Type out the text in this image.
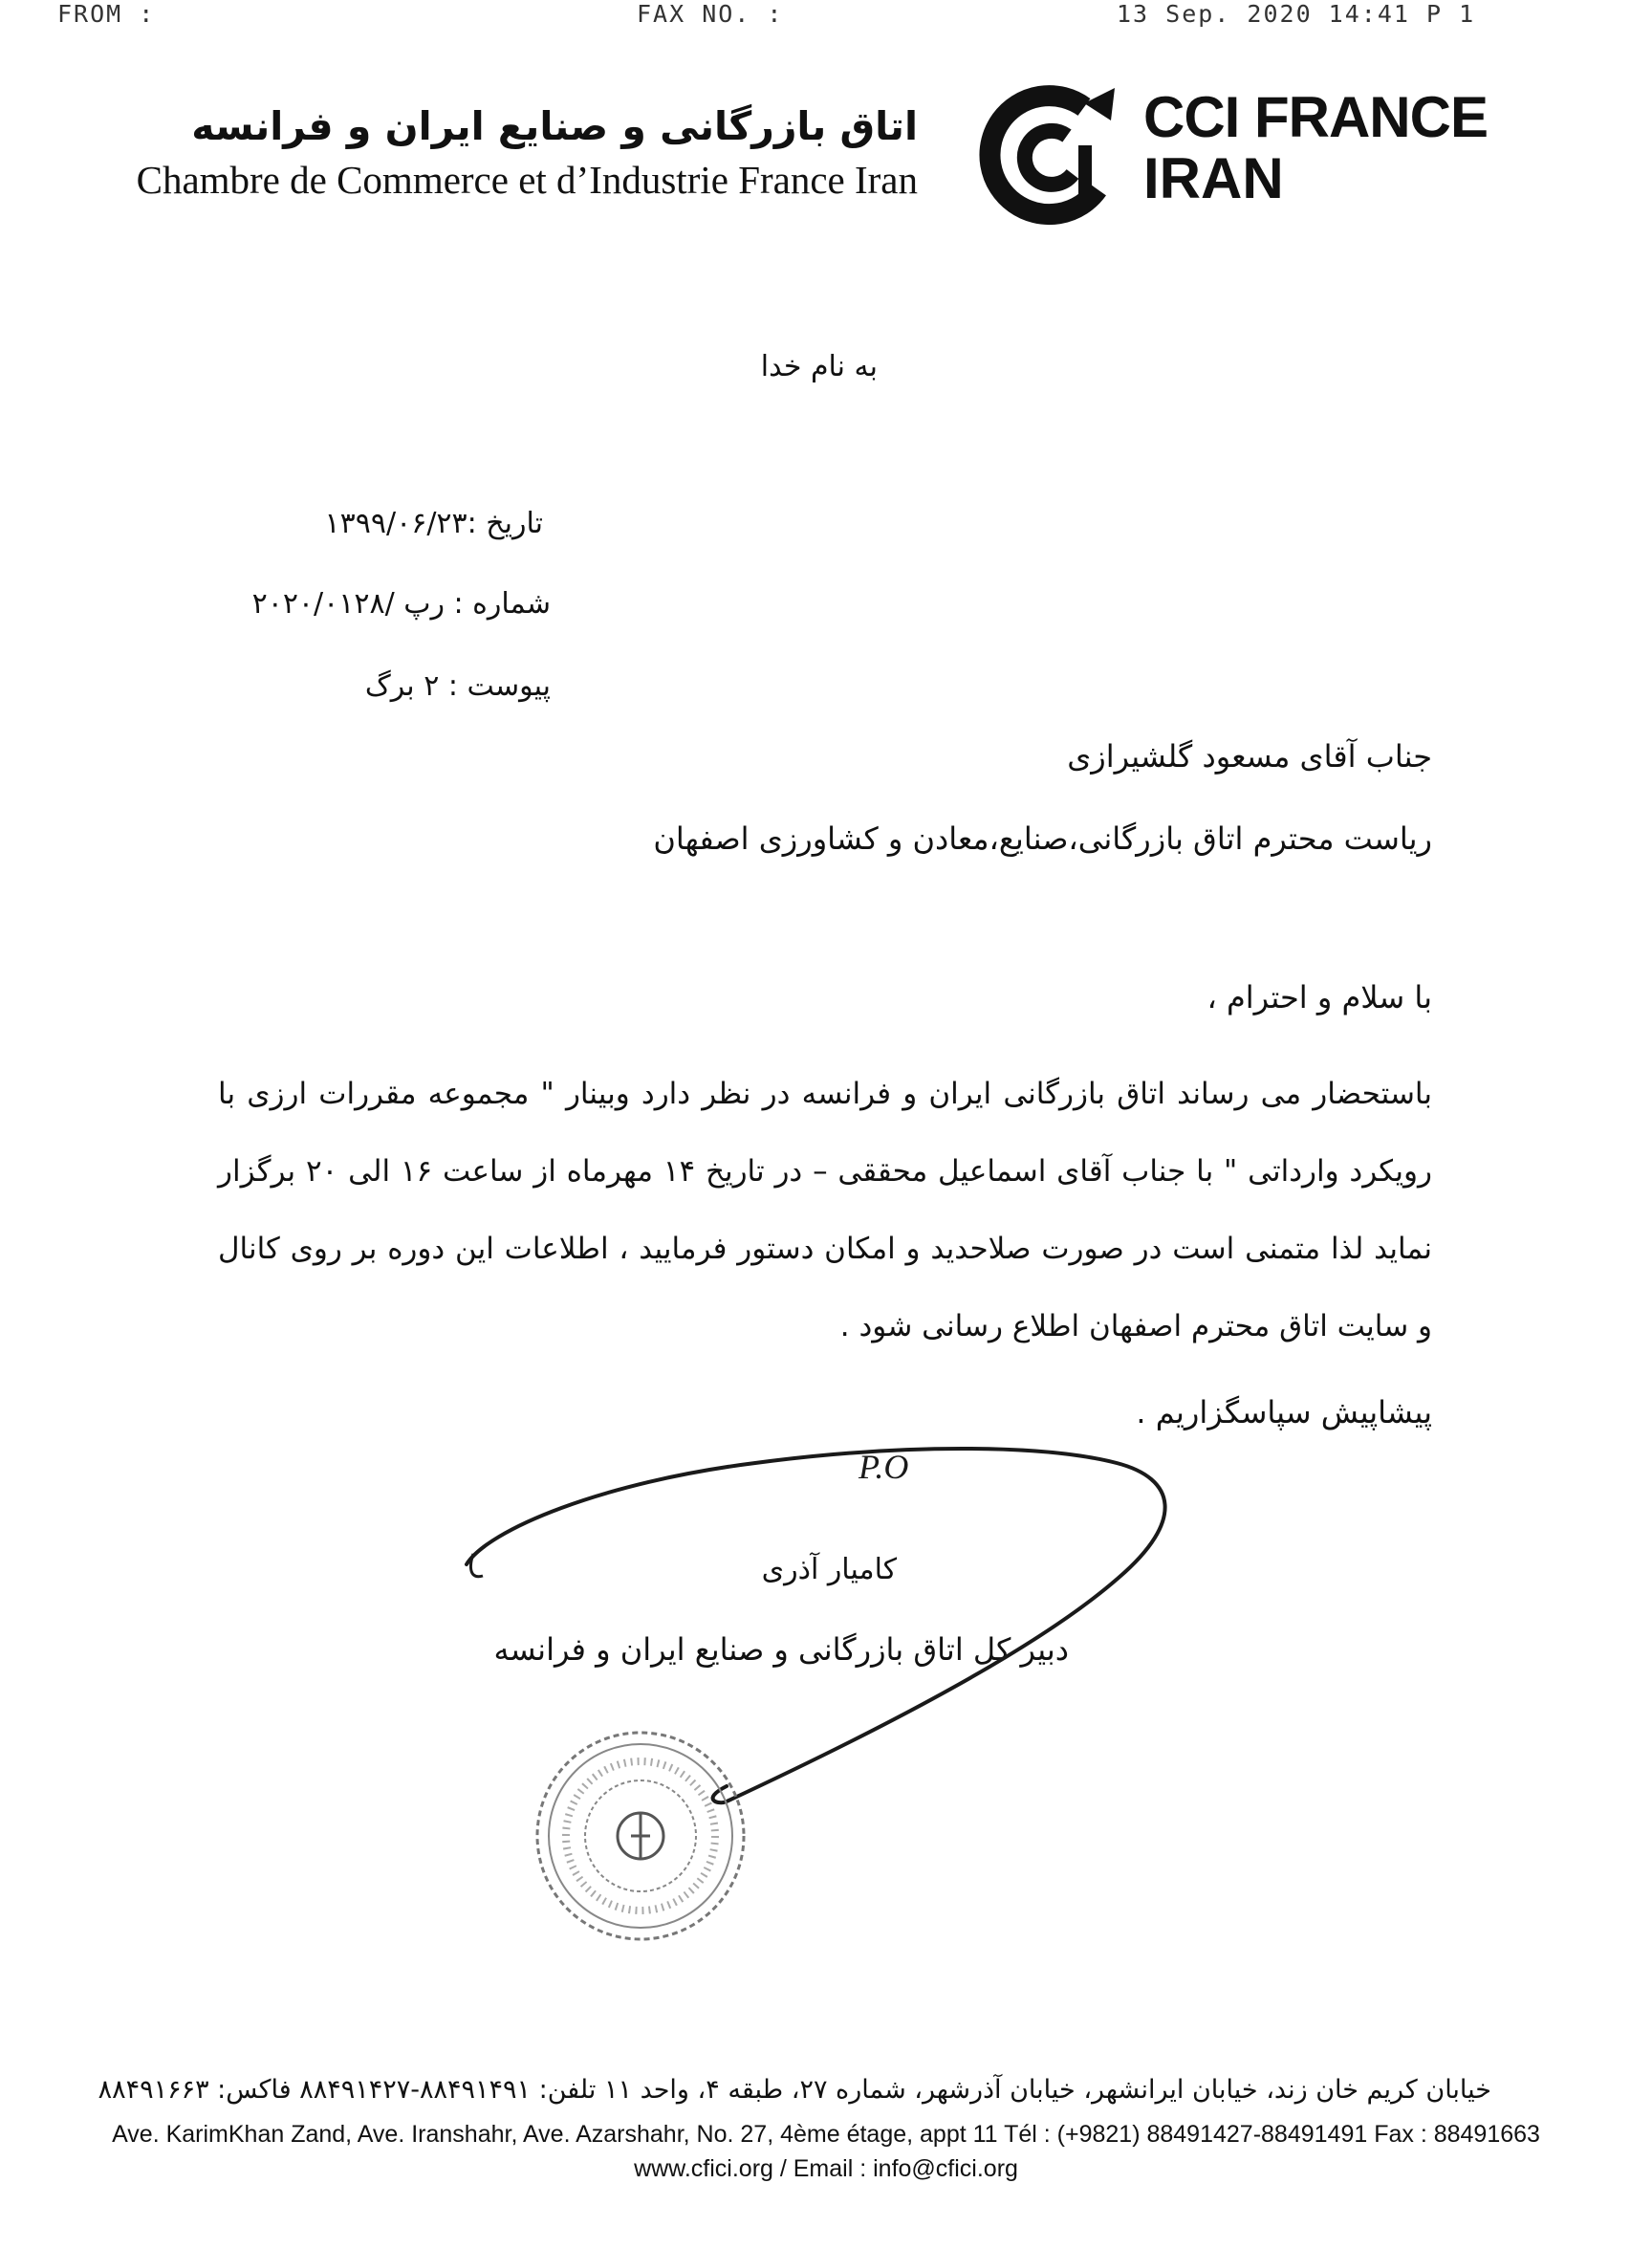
FROM :	FAX NO. :	13 Sep. 2020 14:41 P 1
اتاق بازرگانی و صنایع ایران و فرانسه
Chambre de Commerce et d’Industrie France Iran
CCI FRANCE
IRAN
به نام خدا
تاریخ :۱۳۹۹/۰۶/۲۳
شماره : رپ /۲۰۲۰/۰۱۲۸
پیوست : ۲ برگ
جناب آقای مسعود گلشیرازی
ریاست محترم اتاق بازرگانی،صنایع،معادن و کشاورزی اصفهان
با سلام و احترام ،
باستحضار می رساند اتاق بازرگانی ایران و فرانسه در نظر دارد وبینار " مجموعه مقررات ارزی با رویکرد وارداتی " با جناب آقای اسماعیل محققی – در تاریخ ۱۴ مهرماه از ساعت ۱۶ الی ۲۰ برگزار نماید لذا متمنی است در صورت صلاحدید و امکان دستور فرمایید ، اطلاعات این دوره بر روی کانال و سایت اتاق محترم اصفهان اطلاع رسانی شود .
پیشاپیش سپاسگزاریم .
کامیار آذری
دبیر کل اتاق بازرگانی و صنایع ایران و فرانسه
P.O
خیابان کریم خان زند، خیابان ایرانشهر، خیابان آذرشهر، شماره ۲۷، طبقه ۴، واحد ۱۱ تلفن: ۸۸۴۹۱۴۹۱-۸۸۴۹۱۴۲۷ فاکس: ۸۸۴۹۱۶۶۳
Ave. KarimKhan Zand, Ave. Iranshahr, Ave. Azarshahr, No. 27, 4ème étage, appt 11 Tél : (+9821) 88491427-88491491 Fax : 88491663
www.cfici.org / Email : info@cfici.org
